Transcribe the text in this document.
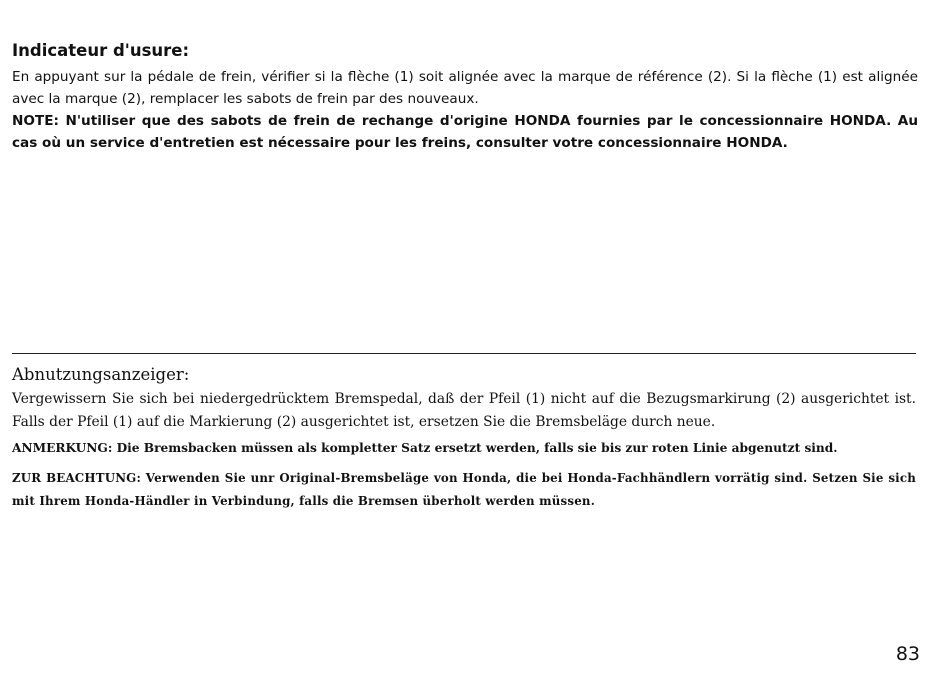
Indicateur d'usure:

En appuyant sur la pédale de frein, vérifier si la flèche (1) soit alignée avec la marque de référence (2). Si la flèche (1) est alignée avec la marque (2), remplacer les sabots de frein par des nouveaux.

NOTE: N'utiliser que des sabots de frein de rechange d'origine HONDA fournies par le concessionnaire HONDA. Au cas où un service d'entretien est nécessaire pour les freins, consulter votre concessionnaire HONDA.

Abnutzungsanzeiger:

Vergewissern Sie sich bei niedergedrücktem Bremspedal, daß der Pfeil (1) nicht auf die Bezugsmarkirung (2) ausgerichtet ist. Falls der Pfeil (1) auf die Markierung (2) ausgerichtet ist, ersetzen Sie die Bremsbeläge durch neue.

ANMERKUNG: Die Bremsbacken müssen als kompletter Satz ersetzt werden, falls sie bis zur roten Linie abgenutzt sind.

ZUR BEACHTUNG: Verwenden Sie unr Original-Bremsbeläge von Honda, die bei Honda-Fachhändlern vorrätig sind. Setzen Sie sich mit Ihrem Honda-Händler in Verbindung, falls die Bremsen überholt werden müssen.

83
